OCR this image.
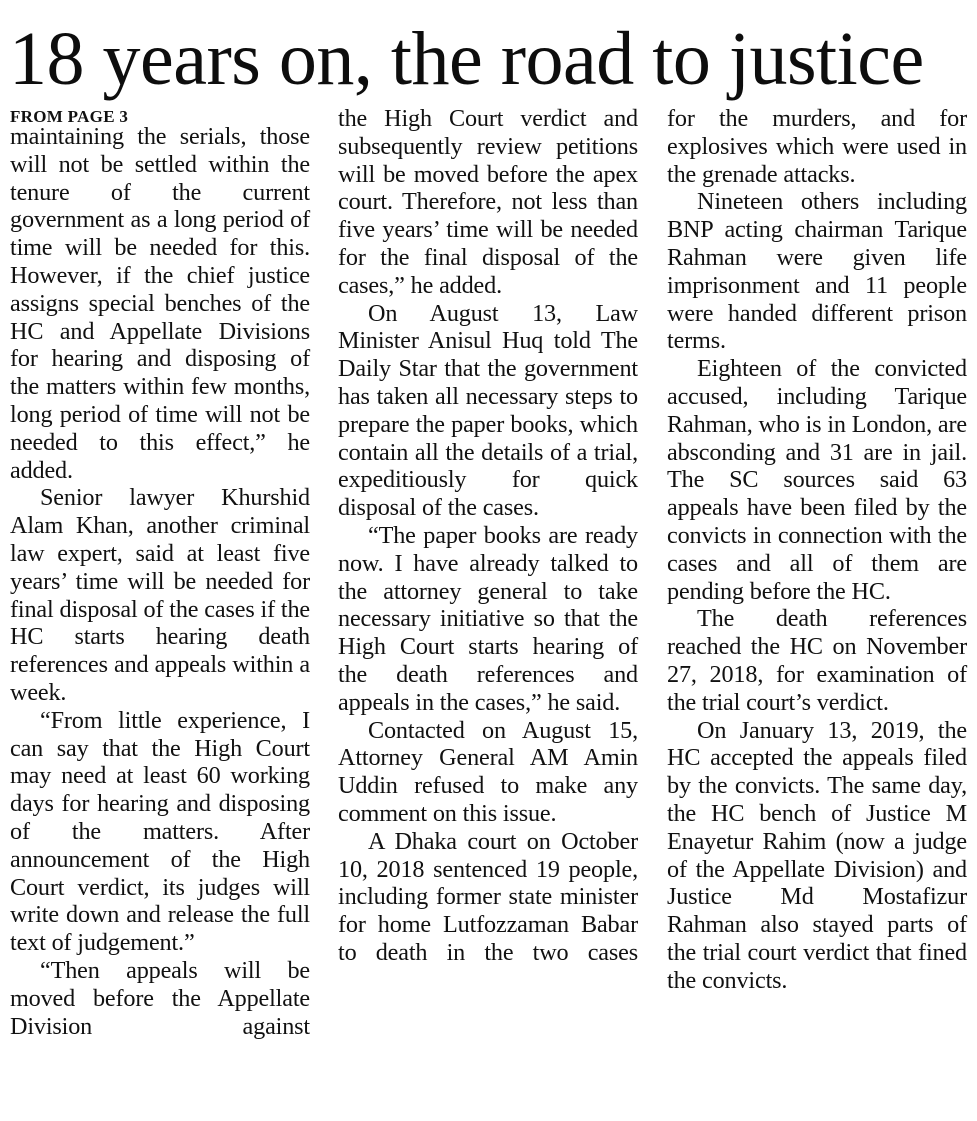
18 years on, the road to justice
FROM PAGE 3

maintaining the serials, those will not be settled within the tenure of the current government as a long period of time will be needed for this. However, if the chief justice assigns special benches of the HC and Appellate Divisions for hearing and disposing of the matters within few months, long period of time will not be needed to this effect,” he added.

Senior lawyer Khurshid Alam Khan, another criminal law expert, said at least five years’ time will be needed for final disposal of the cases if the HC starts hearing death references and appeals within a week.

“From little experience, I can say that the High Court may need at least 60 working days for hearing and disposing of the matters. After announcement of the High Court verdict, its judges will write down and release the full text of judgement.”

“Then appeals will be moved before the Appellate Division against

the High Court verdict and subsequently review petitions will be moved before the apex court. Therefore, not less than five years’ time will be needed for the final disposal of the cases,” he added.

On August 13, Law Minister Anisul Huq told The Daily Star that the government has taken all necessary steps to prepare the paper books, which contain all the details of a trial, expeditiously for quick disposal of the cases.

“The paper books are ready now. I have already talked to the attorney general to take necessary initiative so that the High Court starts hearing of the death references and appeals in the cases,” he said.

Contacted on August 15, Attorney General AM Amin Uddin refused to make any comment on this issue.

A Dhaka court on October 10, 2018 sentenced 19 people, including former state minister for home Lutfozzaman Babar to death in the two cases

for the murders, and for explosives which were used in the grenade attacks.

Nineteen others including BNP acting chairman Tarique Rahman were given life imprisonment and 11 people were handed different prison terms.

Eighteen of the convicted accused, including Tarique Rahman, who is in London, are absconding and 31 are in jail. The SC sources said 63 appeals have been filed by the convicts in connection with the cases and all of them are pending before the HC.

The death references reached the HC on November 27, 2018, for examination of the trial court’s verdict.

On January 13, 2019, the HC accepted the appeals filed by the convicts. The same day, the HC bench of Justice M Enayetur Rahim (now a judge of the Appellate Division) and Justice Md Mostafizur Rahman also stayed parts of the trial court verdict that fined the convicts.
